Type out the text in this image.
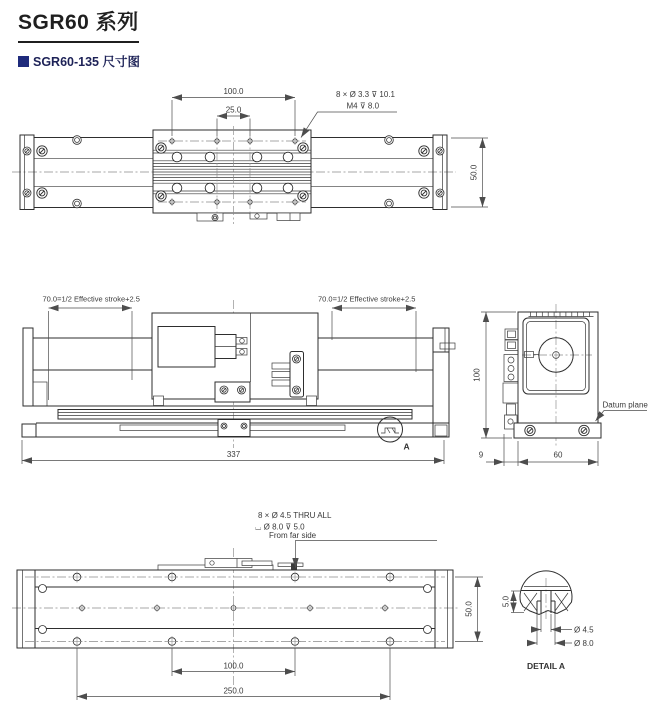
SGR60 系列
SGR60-135 尺寸图
100.0
25.0
8 × Ø 3.3 ⊽ 10.1
M4 ⊽ 8.0
50.0
70.0=1/2 Effective stroke+2.5	70.0=1/2 Effective stroke+2.5
337
A
100
9	60
Datum plane
8 × Ø 4.5 THRU ALL
⌴ Ø 8.0 ⊽ 5.0
From far side
100.0
250.0
50.0	5.0
Ø 4.5
Ø 8.0
DETAIL A
